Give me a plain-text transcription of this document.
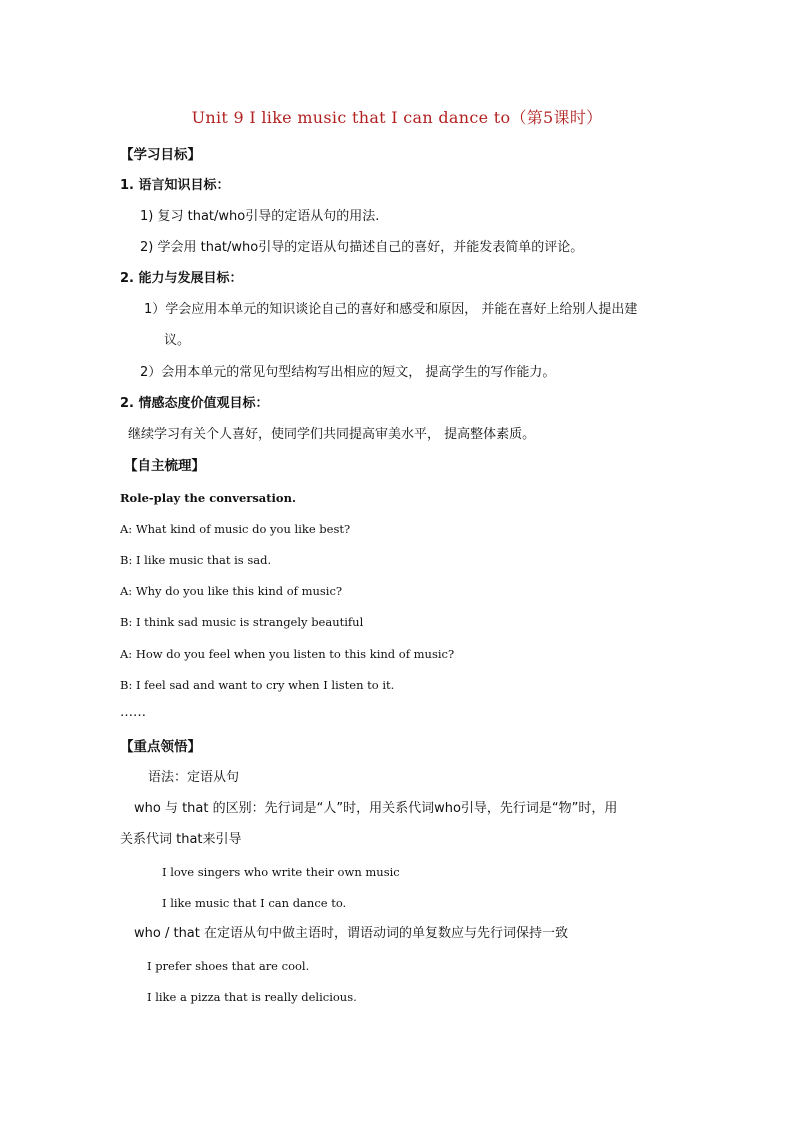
Unit 9 I like music that I can dance to（第5课时）
【学习目标】
1. 语言知识目标：
1) 复习 that/who引导的定语从句的用法.
2) 学会用 that/who引导的定语从句描述自己的喜好，并能发表简单的评论。
2. 能力与发展目标：
1）学会应用本单元的知识谈论自己的喜好和感受和原因， 并能在喜好上给别人提出建
议。
2）会用本单元的常见句型结构写出相应的短文， 提高学生的写作能力。
2. 情感态度价值观目标：
继续学习有关个人喜好，使同学们共同提高审美水平， 提高整体素质。
【自主梳理】
Role-play the conversation.
A: What kind of music do you like best?
B: I like music that is sad.
A: Why do you like this kind of music?
B: I think sad music is strangely beautiful
A: How do you feel when you listen to this kind of music?
B: I feel sad and want to cry when I listen to it.
……
【重点领悟】
语法：定语从句
who 与 that 的区别：先行词是“人”时，用关系代词who引导，先行词是“物”时，用
关系代词 that来引导
I love singers who write their own music
I like music that I can dance to.
who / that 在定语从句中做主语时，谓语动词的单复数应与先行词保持一致
I prefer shoes that are cool.
I like a pizza that is really delicious.
